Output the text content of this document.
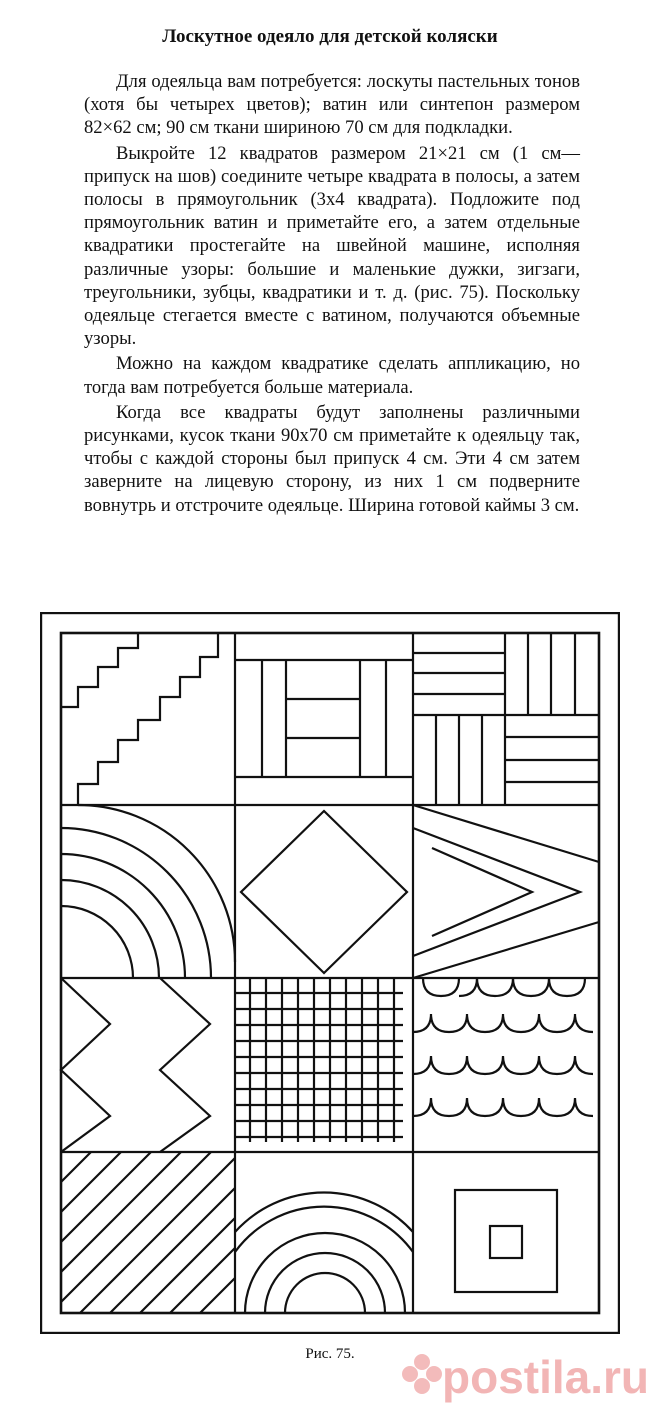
Лоскутное одеяло для детской коляски

Для одеяльца вам потребуется: лоскуты пастельных тонов (хотя бы четырех цветов); ватин или синтепон размером 82×62 см; 90 см ткани шириною 70 см для подкладки.

Выкройте 12 квадратов размером 21×21 см (1 см— припуск на шов) соедините четыре квадрата в полосы, а затем полосы в прямоугольник (3х4 квадрата). Подложите под прямоугольник ватин и приметайте его, а затем отдельные квадратики простегайте на швейной машине, исполняя различные узоры: большие и маленькие дужки, зигзаги, треугольники, зубцы, квадратики и т. д. (рис. 75). Поскольку одеяльце стегается вместе с ватином, получаются объемные узоры.

Можно на каждом квадратике сделать аппликацию, но тогда вам потребуется больше материала.

Когда все квадраты будут заполнены различными рисунками, кусок ткани 90х70 см приметайте к одеяльцу так, чтобы с каждой стороны был припуск 4 см. Эти 4 см затем заверните на лицевую сторону, из них 1 см подверните вовнутрь и отстрочите одеяльце. Ширина готовой каймы 3 см.

Рис. 75.	postila.ru
